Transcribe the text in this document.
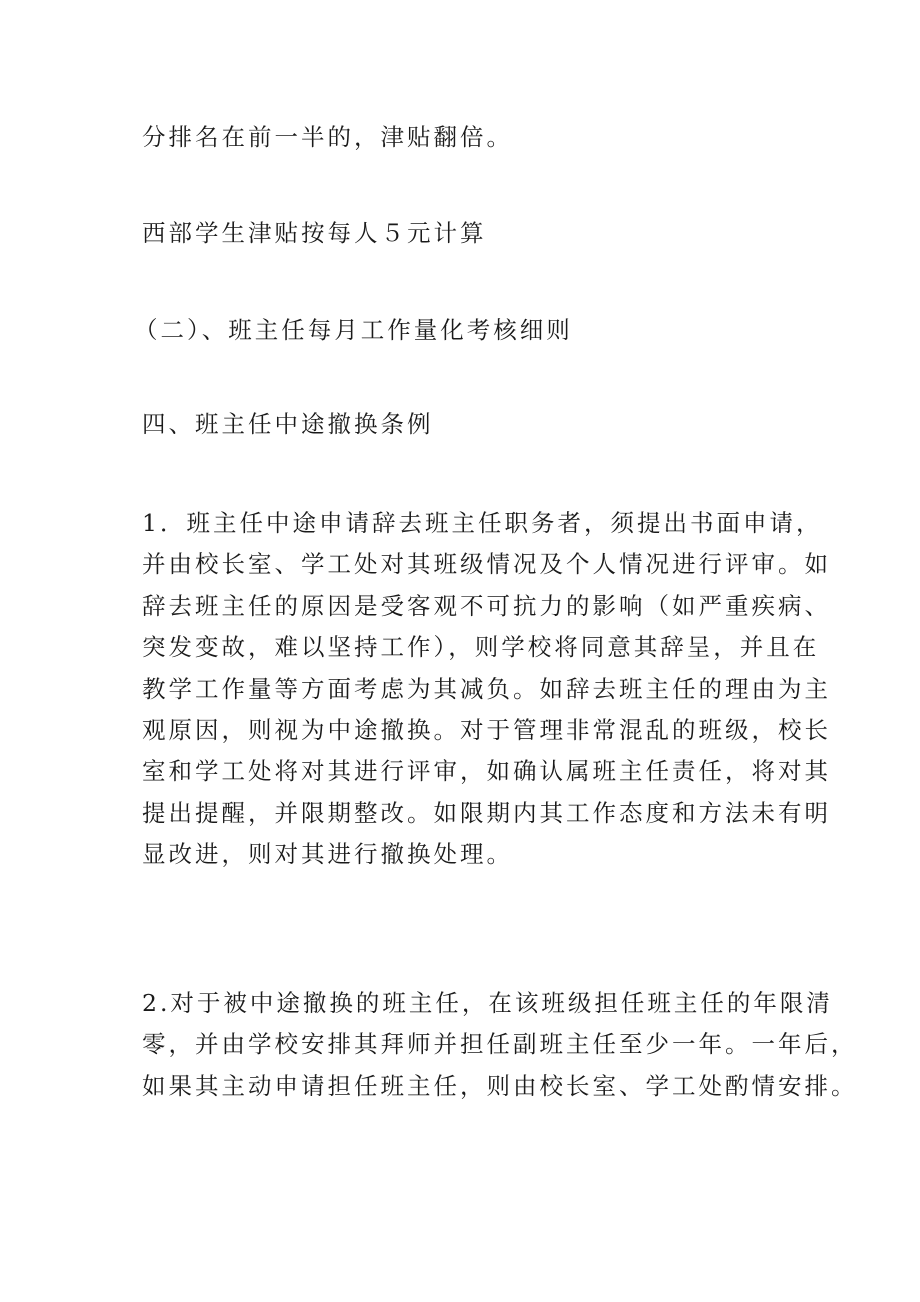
分排名在前一半的，津贴翻倍。

西部学生津贴按每人５元计算

（二）、班主任每月工作量化考核细则

四、班主任中途撤换条例

1．班主任中途申请辞去班主任职务者，须提出书面申请，
并由校长室、学工处对其班级情况及个人情况进行评审。如
辞去班主任的原因是受客观不可抗力的影响（如严重疾病、
突发变故，难以坚持工作），则学校将同意其辞呈，并且在
教学工作量等方面考虑为其减负。如辞去班主任的理由为主
观原因，则视为中途撤换。对于管理非常混乱的班级，校长
室和学工处将对其进行评审，如确认属班主任责任，将对其
提出提醒，并限期整改。如限期内其工作态度和方法未有明
显改进，则对其进行撤换处理。

2.对于被中途撤换的班主任，在该班级担任班主任的年限清
零，并由学校安排其拜师并担任副班主任至少一年。一年后，
如果其主动申请担任班主任，则由校长室、学工处酌情安排。
